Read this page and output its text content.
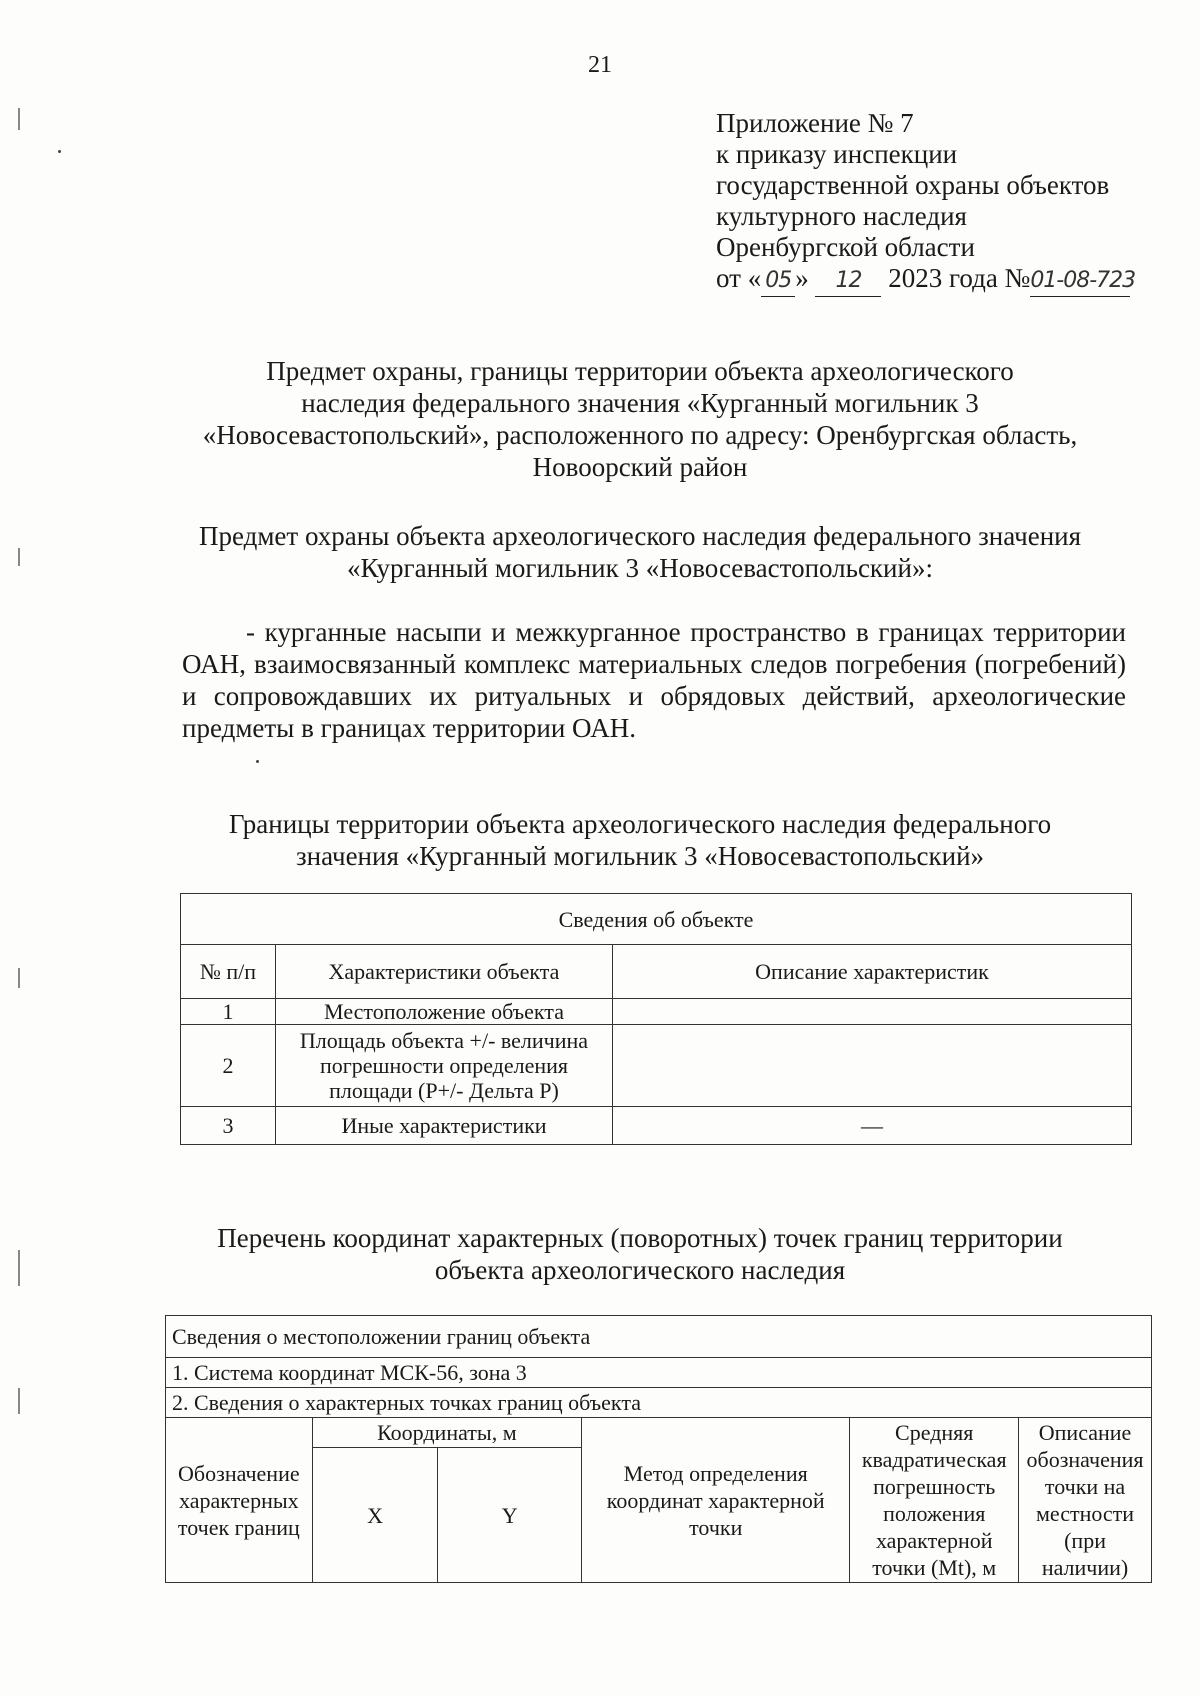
21
Приложение № 7
к приказу инспекции
государственной охраны объектов
культурного наследия
Оренбургской области
от « 05 » 12 2023 года №01-08-723
Предмет охраны, границы территории объекта археологического
наследия федерального значения «Курганный могильник 3
«Новосевастопольский», расположенного по адресу: Оренбургская область,
Новоорский район
Предмет охраны объекта археологического наследия федерального значения
«Курганный могильник 3 «Новосевастопольский»:
- курганные насыпи и межкурганное пространство в границах территории ОАН, взаимосвязанный комплекс материальных следов погребения (погребений) и сопровождавших их ритуальных и обрядовых действий, археологические предметы в границах территории ОАН.
Границы территории объекта археологического наследия федерального
значения «Курганный могильник 3 «Новосевастопольский»
Сведения об объекте		
№ п/п	Характеристики объекта	Описание характеристик
1	Местоположение объекта	
2	Площадь объекта +/- величина погрешности определения площади (Р+/- Дельта Р)	
3	Иные характеристики	—
Перечень координат характерных (поворотных) точек границ территории
объекта археологического наследия
Сведения о местоположении границ объекта					
1. Система координат МСК-56, зона 3					
2. Сведения о характерных точках границ объекта					
Обозначение характерных точек границ	Координаты, м		Метод определения координат характерной точки	Средняя квадратическая погрешность положения характерной точки (Mt), м	Описание обозначения точки на местности (при наличии)
	X	Y			
